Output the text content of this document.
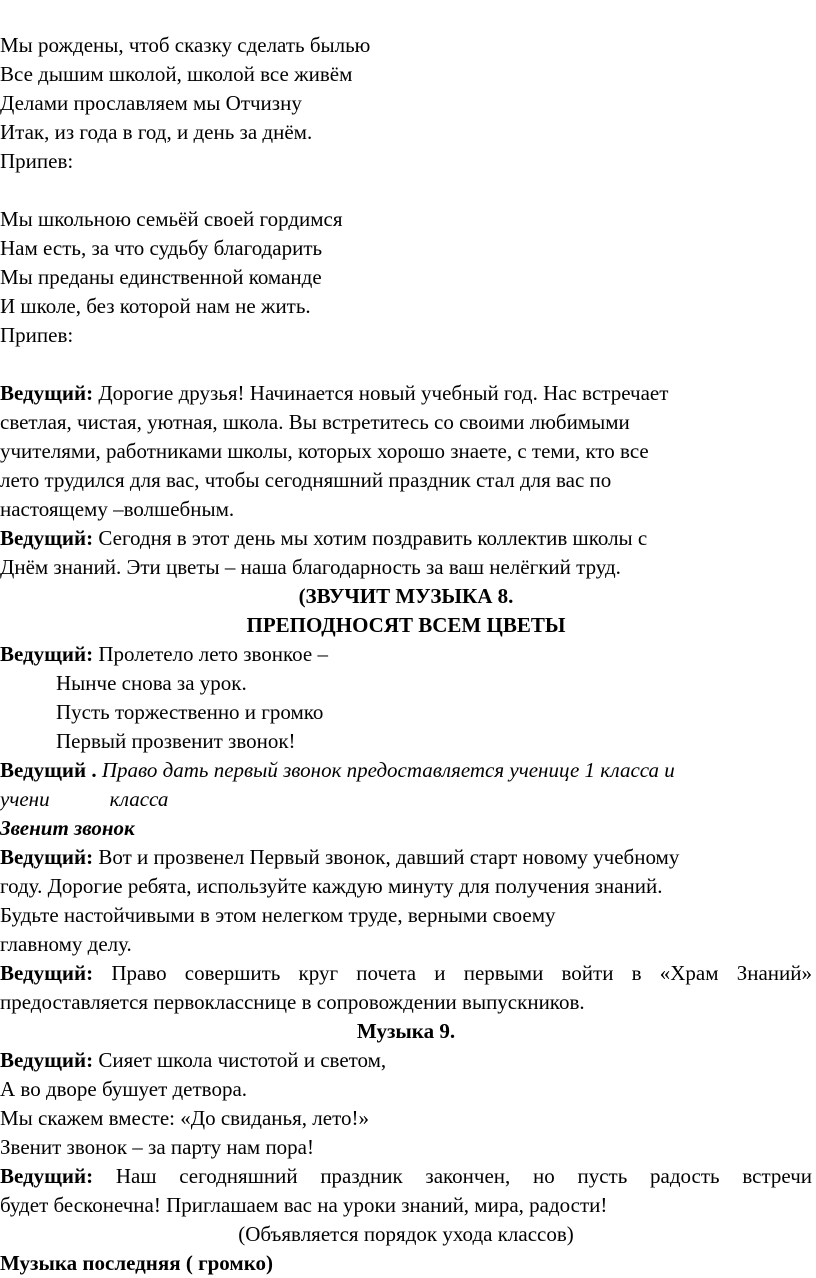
Мы рождены, чтоб сказку сделать былью
Все дышим школой, школой все живём
Делами прославляем мы Отчизну
Итак, из года в год, и день за днём.
Припев:
Мы школьною семьёй своей гордимся
Нам есть, за что судьбу благодарить
Мы преданы единственной команде
И школе, без которой нам не жить.
Припев:
Ведущий: Дорогие друзья! Начинается новый учебный год. Нас встречает
светлая, чистая, уютная, школа. Вы встретитесь со своими любимыми
учителями, работниками школы, которых хорошо знаете, с теми, кто все
лето трудился для вас, чтобы сегодняшний праздник стал для вас по
настоящему –волшебным.
Ведущий: Сегодня в этот день мы хотим поздравить коллектив школы с
Днём знаний. Эти цветы – наша благодарность за ваш нелёгкий труд.
(ЗВУЧИТ МУЗЫКА 8.
ПРЕПОДНОСЯТ ВСЕМ ЦВЕТЫ
Ведущий: Пролетело лето звонкое –
Нынче снова за урок.
Пусть торжественно и громко
Первый прозвенит звонок!
Ведущий . Право дать первый звонок предоставляется ученице 1 класса и
учени	класса
Звенит звонок
Ведущий: Вот и прозвенел Первый звонок, давший старт новому учебному
году. Дорогие ребята, используйте каждую минуту для получения знаний.
Будьте настойчивыми в этом нелегком труде, верными своему
главному делу.
Ведущий: Право совершить круг почета и первыми войти в «Храм Знаний»
предоставляется первокласснице в сопровождении выпускников.
Музыка 9.
Ведущий: Сияет школа чистотой и светом,
А во дворе бушует детвора.
Мы скажем вместе: «До свиданья, лето!»
Звенит звонок – за парту нам пора!
Ведущий: Наш сегодняшний праздник закончен, но пусть радость встречи
будет бесконечна! Приглашаем вас на уроки знаний, мира, радости!
(Объявляется порядок ухода классов)
Музыка последняя ( громко)
